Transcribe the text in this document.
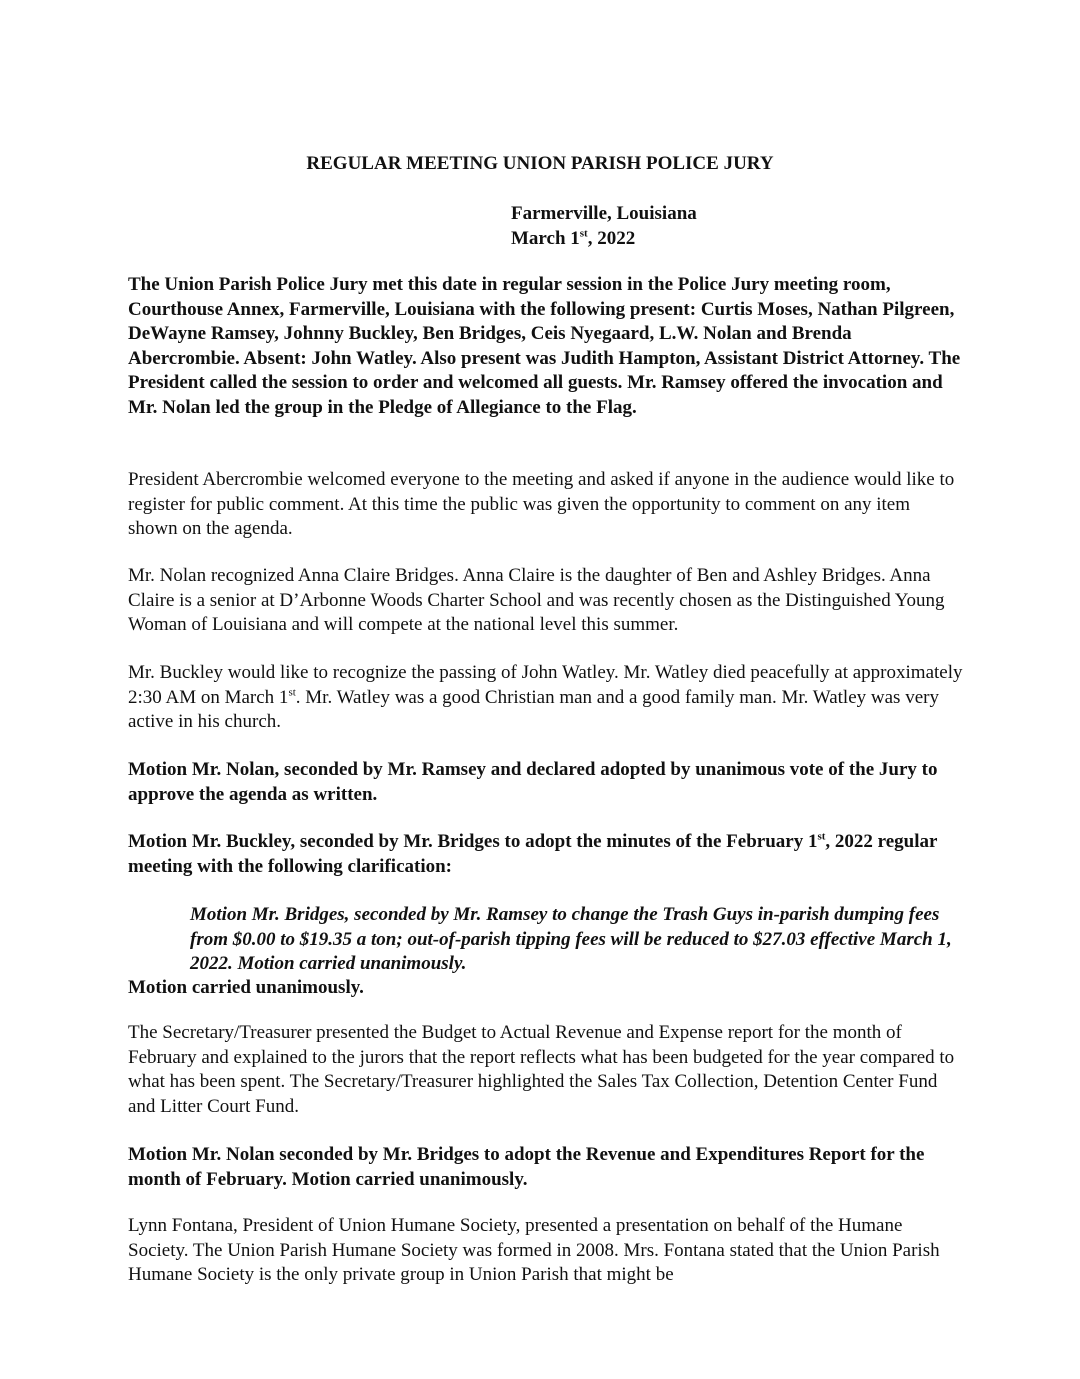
REGULAR MEETING UNION PARISH POLICE JURY
Farmerville, Louisiana
March 1st, 2022

The Union Parish Police Jury met this date in regular session in the Police Jury meeting room, Courthouse Annex, Farmerville, Louisiana with the following present: Curtis Moses, Nathan Pilgreen, DeWayne Ramsey, Johnny Buckley, Ben Bridges, Ceis Nyegaard, L.W. Nolan and Brenda Abercrombie. Absent: John Watley. Also present was Judith Hampton, Assistant District Attorney. The President called the session to order and welcomed all guests. Mr. Ramsey offered the invocation and Mr. Nolan led the group in the Pledge of Allegiance to the Flag.

President Abercrombie welcomed everyone to the meeting and asked if anyone in the audience would like to register for public comment. At this time the public was given the opportunity to comment on any item shown on the agenda.

Mr. Nolan recognized Anna Claire Bridges. Anna Claire is the daughter of Ben and Ashley Bridges. Anna Claire is a senior at D’Arbonne Woods Charter School and was recently chosen as the Distinguished Young Woman of Louisiana and will compete at the national level this summer.

Mr. Buckley would like to recognize the passing of John Watley. Mr. Watley died peacefully at approximately 2:30 AM on March 1st. Mr. Watley was a good Christian man and a good family man. Mr. Watley was very active in his church.

Motion Mr. Nolan, seconded by Mr. Ramsey and declared adopted by unanimous vote of the Jury to approve the agenda as written.

Motion Mr. Buckley, seconded by Mr. Bridges to adopt the minutes of the February 1st, 2022 regular meeting with the following clarification:

Motion Mr. Bridges, seconded by Mr. Ramsey to change the Trash Guys in-parish dumping fees from $0.00 to $19.35 a ton; out-of-parish tipping fees will be reduced to $27.03 effective March 1, 2022. Motion carried unanimously.

Motion carried unanimously.

The Secretary/Treasurer presented the Budget to Actual Revenue and Expense report for the month of February and explained to the jurors that the report reflects what has been budgeted for the year compared to what has been spent. The Secretary/Treasurer highlighted the Sales Tax Collection, Detention Center Fund and Litter Court Fund.

Motion Mr. Nolan seconded by Mr. Bridges to adopt the Revenue and Expenditures Report for the month of February. Motion carried unanimously.

Lynn Fontana, President of Union Humane Society, presented a presentation on behalf of the Humane Society. The Union Parish Humane Society was formed in 2008. Mrs. Fontana stated that the Union Parish Humane Society is the only private group in Union Parish that might be
